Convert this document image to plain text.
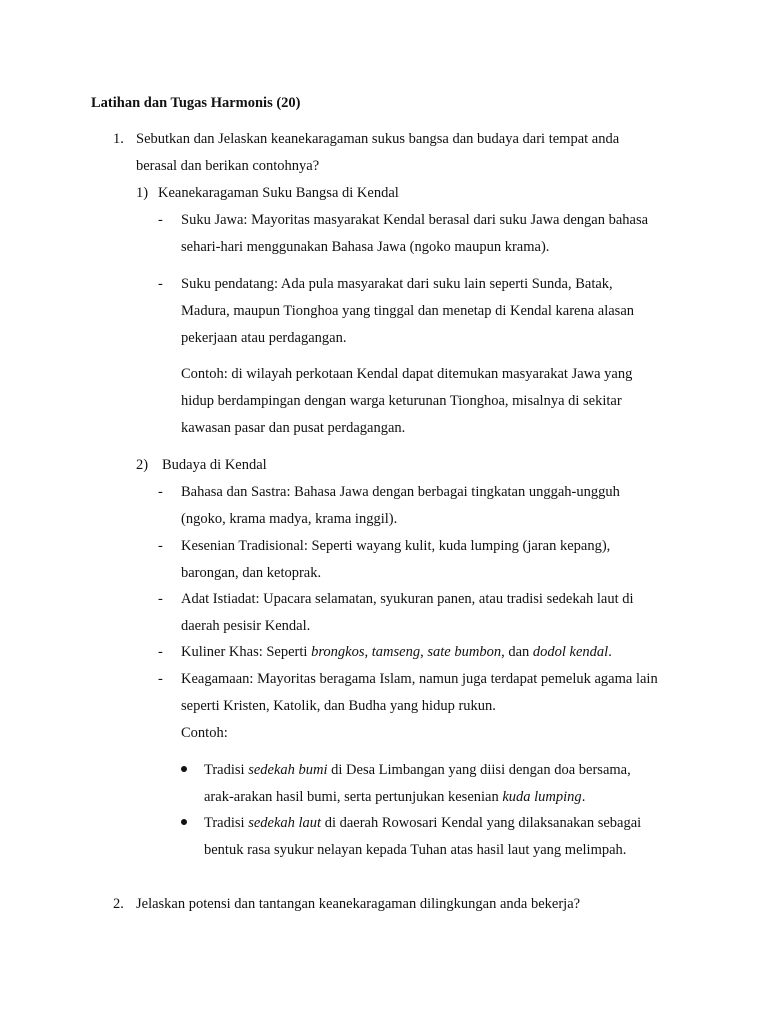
Latihan dan Tugas Harmonis (20)
1. Sebutkan dan Jelaskan keanekaragaman sukus bangsa dan budaya dari tempat anda
berasal dan berikan contohnya?
1) Keanekaragaman Suku Bangsa di Kendal
- Suku Jawa: Mayoritas masyarakat Kendal berasal dari suku Jawa dengan bahasa
sehari-hari menggunakan Bahasa Jawa (ngoko maupun krama).
- Suku pendatang: Ada pula masyarakat dari suku lain seperti Sunda, Batak,
Madura, maupun Tionghoa yang tinggal dan menetap di Kendal karena alasan
pekerjaan atau perdagangan.
Contoh: di wilayah perkotaan Kendal dapat ditemukan masyarakat Jawa yang
hidup berdampingan dengan warga keturunan Tionghoa, misalnya di sekitar
kawasan pasar dan pusat perdagangan.
2) Budaya di Kendal
- Bahasa dan Sastra: Bahasa Jawa dengan berbagai tingkatan unggah-ungguh
(ngoko, krama madya, krama inggil).
- Kesenian Tradisional: Seperti wayang kulit, kuda lumping (jaran kepang),
barongan, dan ketoprak.
- Adat Istiadat: Upacara selamatan, syukuran panen, atau tradisi sedekah laut di
daerah pesisir Kendal.
- Kuliner Khas: Seperti brongkos, tamseng, sate bumbon, dan dodol kendal.
- Keagamaan: Mayoritas beragama Islam, namun juga terdapat pemeluk agama lain
seperti Kristen, Katolik, dan Budha yang hidup rukun.
Contoh:
Tradisi sedekah bumi di Desa Limbangan yang diisi dengan doa bersama,
arak-arakan hasil bumi, serta pertunjukan kesenian kuda lumping.
Tradisi sedekah laut di daerah Rowosari Kendal yang dilaksanakan sebagai
bentuk rasa syukur nelayan kepada Tuhan atas hasil laut yang melimpah.
2. Jelaskan potensi dan tantangan keanekaragaman dilingkungan anda bekerja?
